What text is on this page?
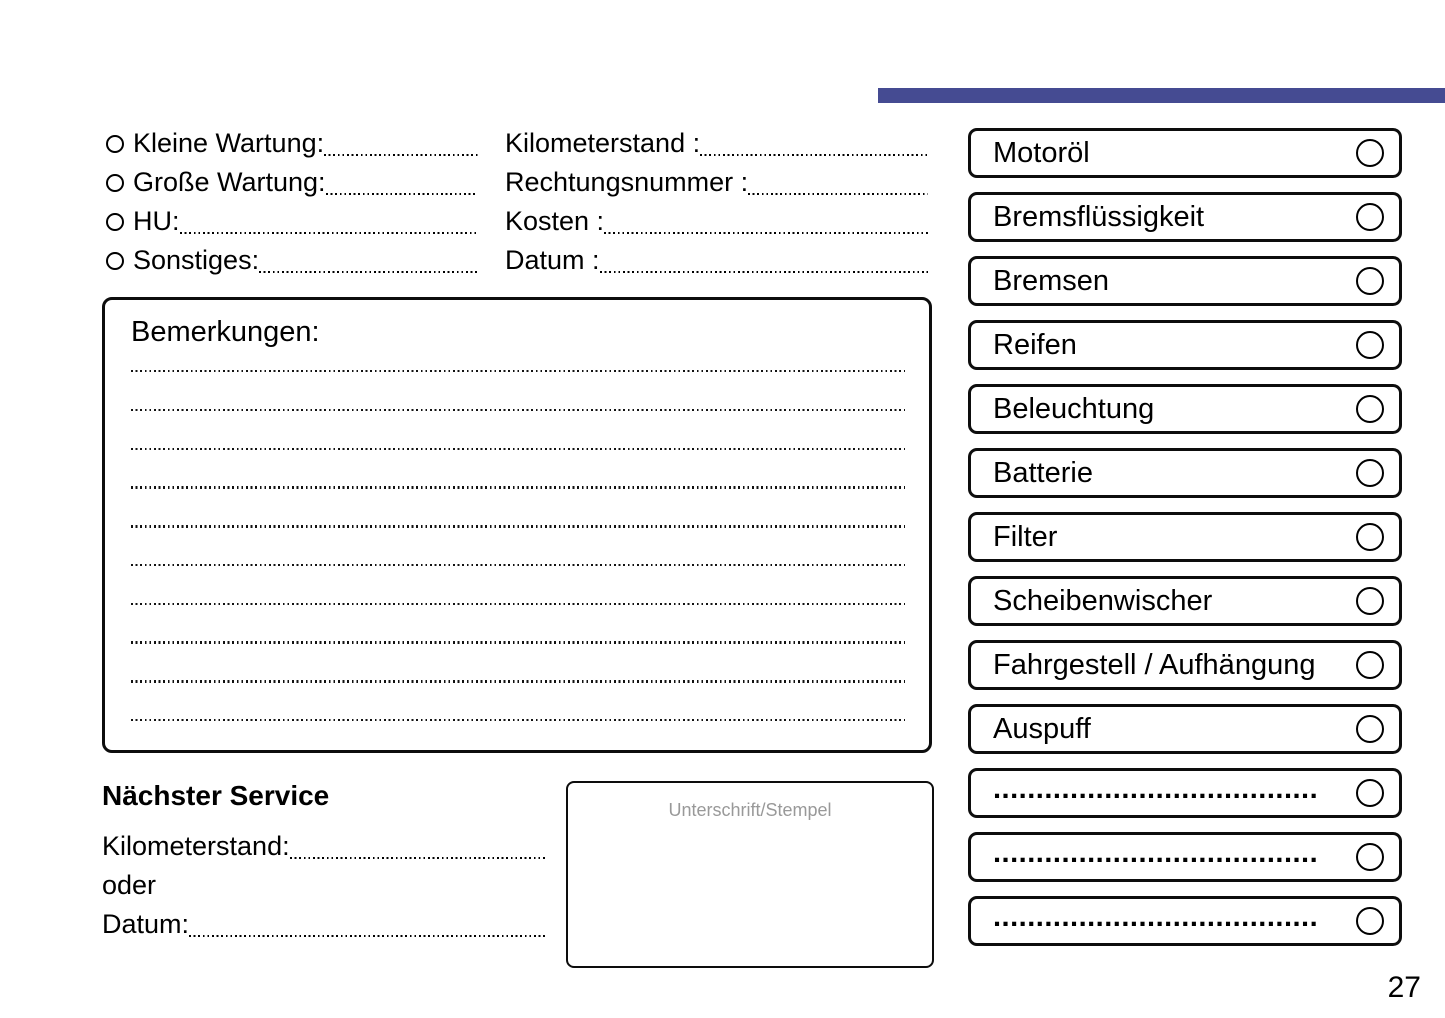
Kleine Wartung:
Große Wartung:
HU:
Sonstiges:
Kilometerstand :
Rechtungsnummer :
Kosten :
Datum :
Bemerkungen:
Nächster Service
Kilometerstand:
oder
Datum:
Unterschrift/Stempel
Motoröl
Bremsflüssigkeit
Bremsen
Reifen
Beleuchtung
Batterie
Filter
Scheibenwischer
Fahrgestell / Aufhängung
Auspuff
......................................
......................................
......................................
27
